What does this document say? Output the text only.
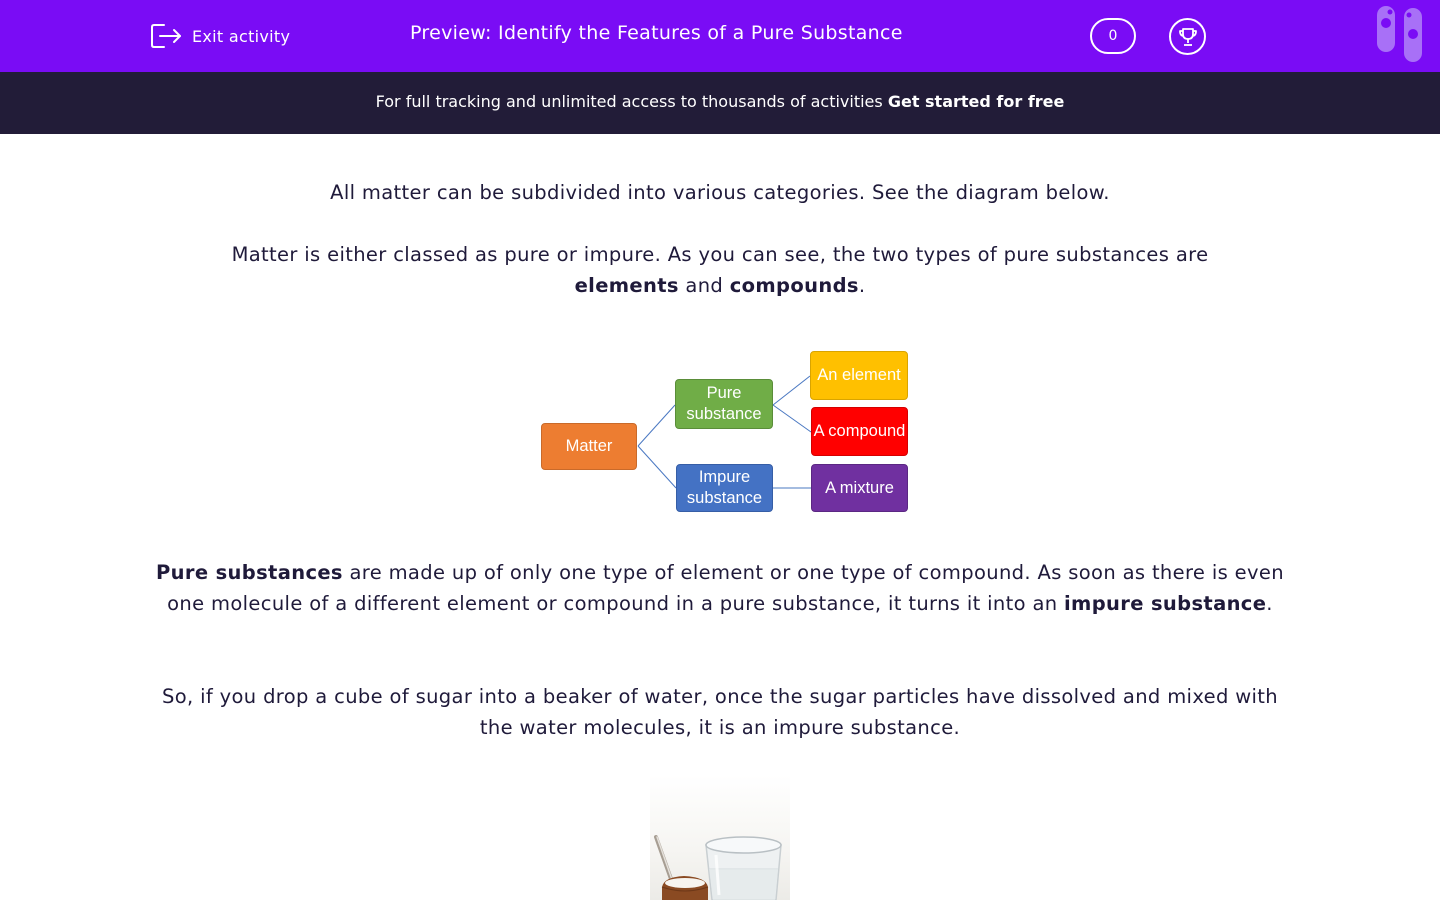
Exit activity	Preview: Identify the Features of a Pure Substance	0
For full tracking and unlimited access to thousands of activities Get started for free

All matter can be subdivided into various categories. See the diagram below.

Matter is either classed as pure or impure. As you can see, the two types of pure substances are elements and compounds.

Matter
Pure substance
Impure substance
An element
A compound
A mixture

Pure substances are made up of only one type of element or one type of compound. As soon as there is even one molecule of a different element or compound in a pure substance, it turns it into an impure substance.

So, if you drop a cube of sugar into a beaker of water, once the sugar particles have dissolved and mixed with the water molecules, it is an impure substance.
